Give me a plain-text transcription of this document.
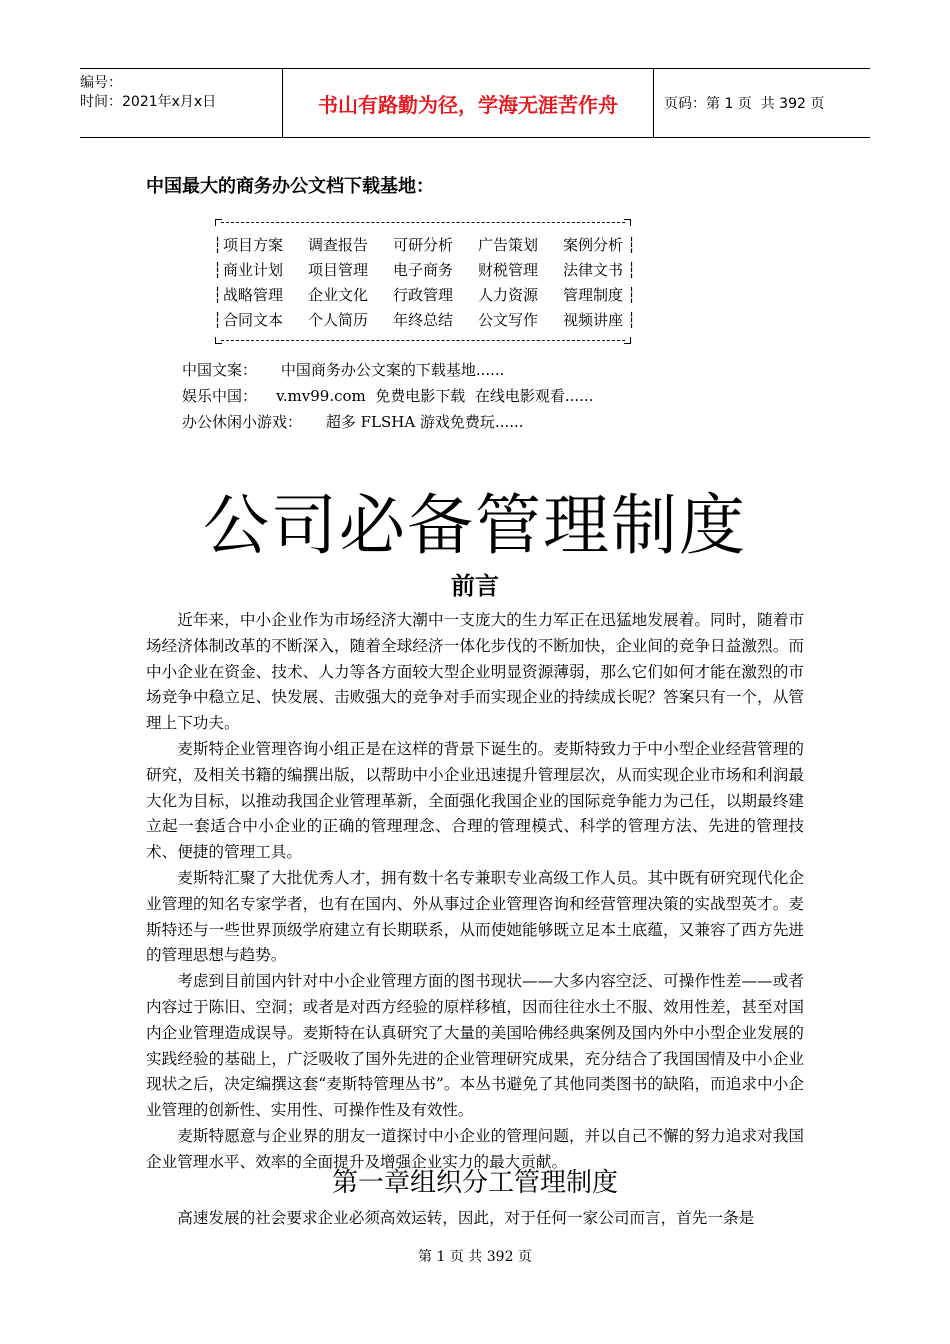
编号：
时间：2021年x月x日	书山有路勤为径，学海无涯苦作舟	页码：第 1 页  共 392 页
中国最大的商务办公文档下载基地：
┆ 项目方案 调查报告 可研分析 广告策划 案例分析 ┆
┆ 商业计划 项目管理 电子商务 财税管理 法律文书 ┆
┆ 战略管理 企业文化 行政管理 人力资源 管理制度 ┆
┆ 合同文本 个人简历 年终总结 公文写作 视频讲座 ┆
中国文案：     中国商务办公文案的下载基地......
娱乐中国：    v.mv99.com  免费电影下载  在线电影观看......
办公休闲小游戏：     超多 FLSHA 游戏免费玩......
公司必备管理制度
前言

近年来，中小企业作为市场经济大潮中一支庞大的生力军正在迅猛地发展着。同时，随着市场经济体制改革的不断深入，随着全球经济一体化步伐的不断加快，企业间的竞争日益激烈。而中小企业在资金、技术、人力等各方面较大型企业明显资源薄弱，那么它们如何才能在激烈的市场竞争中稳立足、快发展、击败强大的竞争对手而实现企业的持续成长呢？答案只有一个，从管理上下功夫。

麦斯特企业管理咨询小组正是在这样的背景下诞生的。麦斯特致力于中小型企业经营管理的研究，及相关书籍的编撰出版，以帮助中小企业迅速提升管理层次，从而实现企业市场和利润最大化为目标，以推动我国企业管理革新，全面强化我国企业的国际竞争能力为己任，以期最终建立起一套适合中小企业的正确的管理理念、合理的管理模式、科学的管理方法、先进的管理技术、便捷的管理工具。

麦斯特汇聚了大批优秀人才，拥有数十名专兼职专业高级工作人员。其中既有研究现代化企业管理的知名专家学者，也有在国内、外从事过企业管理咨询和经营管理决策的实战型英才。麦斯特还与一些世界顶级学府建立有长期联系，从而使她能够既立足本土底蕴，又兼容了西方先进的管理思想与趋势。

考虑到目前国内针对中小企业管理方面的图书现状——大多内容空泛、可操作性差——或者内容过于陈旧、空洞；或者是对西方经验的原样移植，因而往往水土不服、效用性差，甚至对国内企业管理造成误导。麦斯特在认真研究了大量的美国哈佛经典案例及国内外中小型企业发展的实践经验的基础上，广泛吸收了国外先进的企业管理研究成果，充分结合了我国国情及中小企业现状之后，决定编撰这套“麦斯特管理丛书”。本丛书避免了其他同类图书的缺陷，而追求中小企业管理的创新性、实用性、可操作性及有效性。

麦斯特愿意与企业界的朋友一道探讨中小企业的管理问题，并以自己不懈的努力追求对我国企业管理水平、效率的全面提升及增强企业实力的最大贡献。

第一章组织分工管理制度
高速发展的社会要求企业必须高效运转，因此，对于任何一家公司而言，首先一条是
第 1 页 共 392 页
